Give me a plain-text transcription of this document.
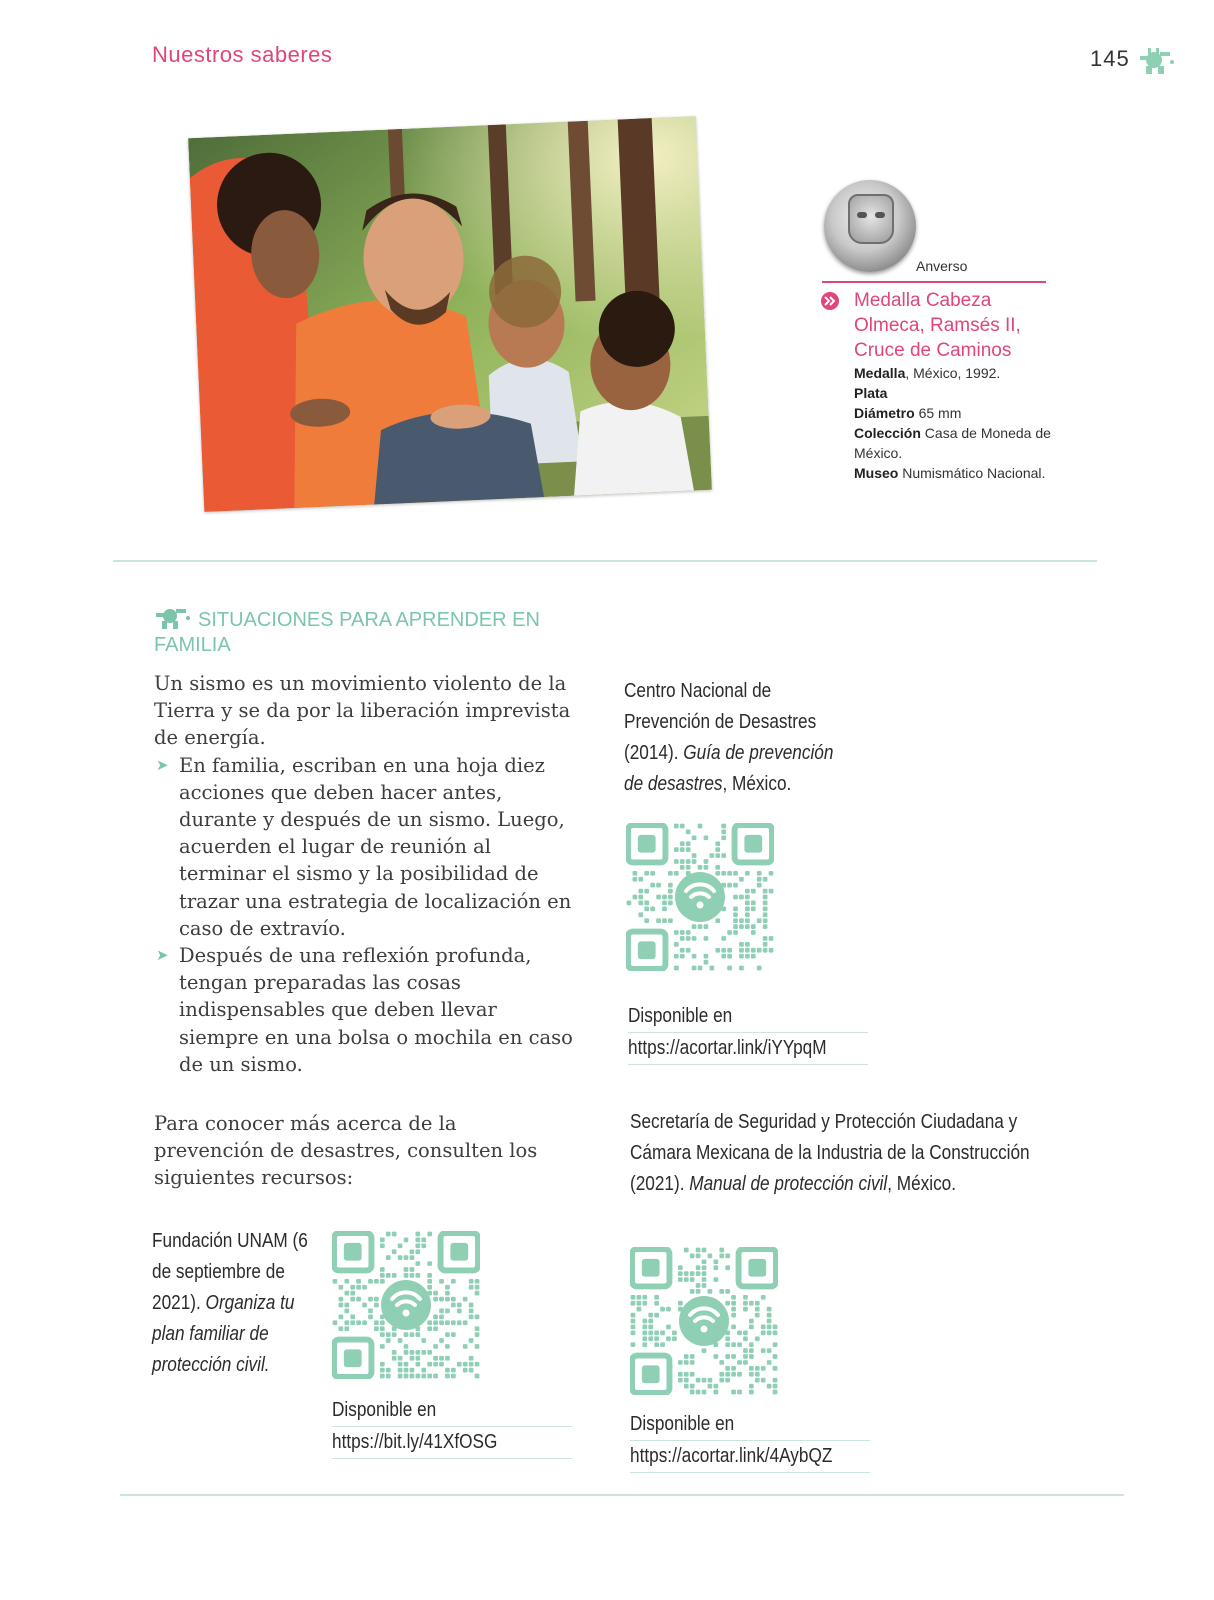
Nuestros saberes	145
Anverso
Medalla Cabeza Olmeca, Ramsés II, Cruce de Caminos
Medalla, México, 1992.
Plata
Diámetro 65 mm
Colección Casa de Moneda de México.
Museo Numismático Nacional.
SITUACIONES PARA APRENDER EN FAMILIA

Un sismo es un movimiento violento de la Tierra y se da por la liberación imprevista de energía.

➤ En familia, escriban en una hoja diez acciones que deben hacer antes, durante y después de un sismo. Luego, acuerden el lugar de reunión al terminar el sismo y la posibilidad de trazar una estrategia de localización en caso de extravío.
➤ Después de una reflexión profunda, tengan preparadas las cosas indispensables que deben llevar siempre en una bolsa o mochila en caso de un sismo.
Para conocer más acerca de la prevención de desastres, consulten los siguientes recursos:
Centro Nacional de Prevención de Desastres (2014). Guía de prevención de desastres, México.
Disponible en
https://acortar.link/iYYpqM
Secretaría de Seguridad y Protección Ciudadana y Cámara Mexicana de la Industria de la Construcción (2021). Manual de protección civil, México.
Disponible en
https://acortar.link/4AybQZ
Fundación UNAM (6 de septiembre de 2021). Organiza tu plan familiar de protección civil.
Disponible en
https://bit.ly/41XfOSG
